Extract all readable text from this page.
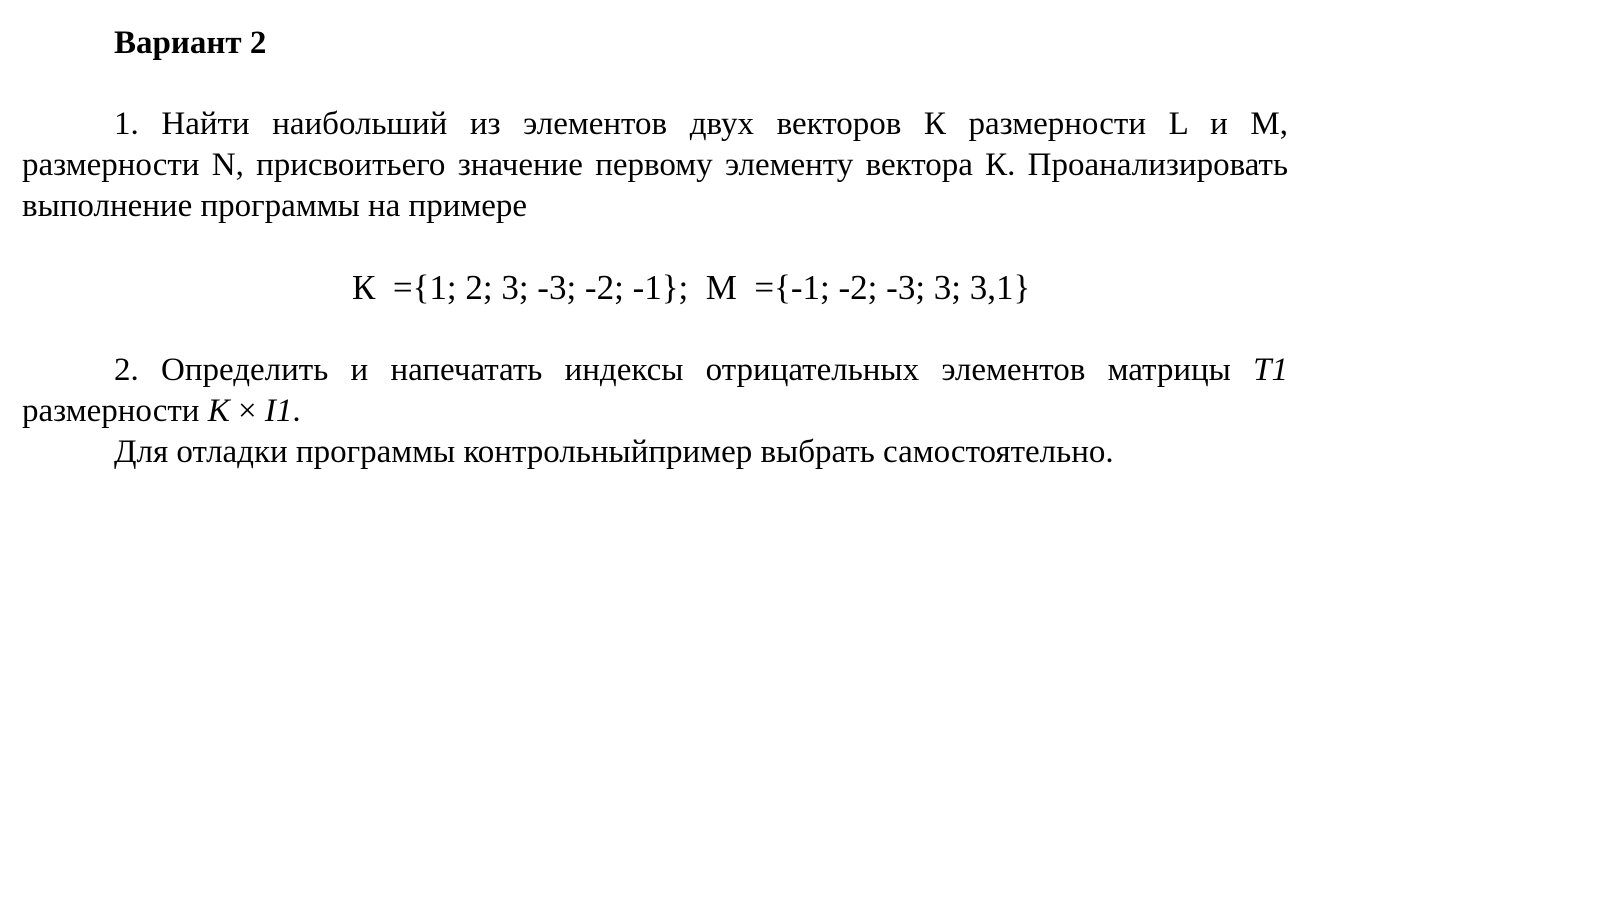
Вариант 2

1. Найти наибольший из элементов двух векторов К размерности L и M, размерности N, присвоитьего значение первому элементу вектора К. Проанализировать выполнение программы на примере

К  ={1; 2; 3; -3; -2; -1};  М  ={-1; -2; -3; 3; 3,1}

2. Определить и напечатать индексы отрицательных элементов матрицы T1 размерности K × I1.

Для отладки программы контрольныйпример выбрать самостоятельно.
